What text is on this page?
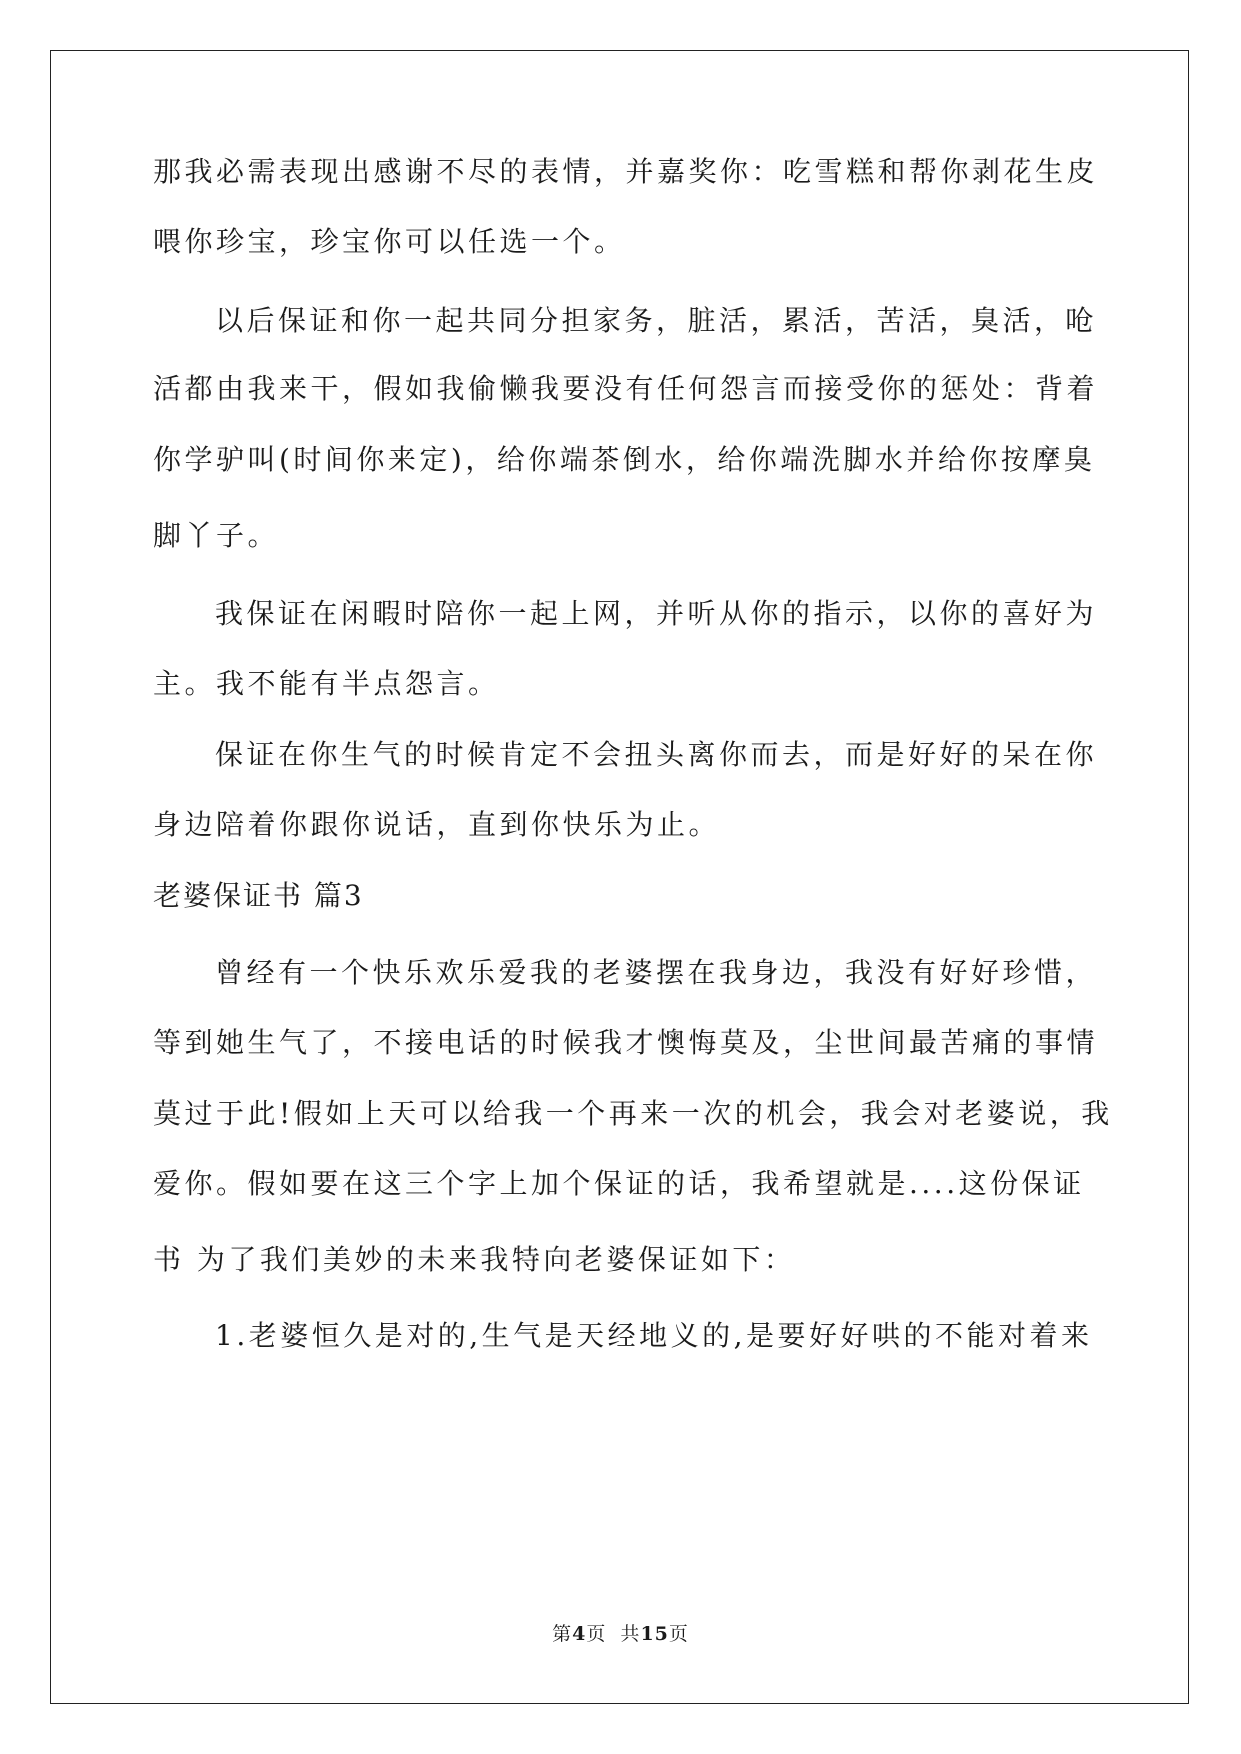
那我必需表现出感谢不尽的表情，并嘉奖你：吃雪糕和帮你剥花生皮
喂你珍宝，珍宝你可以任选一个。
以后保证和你一起共同分担家务，脏活，累活，苦活，臭活，呛
活都由我来干，假如我偷懒我要没有任何怨言而接受你的惩处：背着
你学驴叫(时间你来定)，给你端茶倒水，给你端洗脚水并给你按摩臭
脚丫子。
我保证在闲暇时陪你一起上网，并听从你的指示，以你的喜好为
主。我不能有半点怨言。
保证在你生气的时候肯定不会扭头离你而去，而是好好的呆在你
身边陪着你跟你说话，直到你快乐为止。
老婆保证书 篇3
曾经有一个快乐欢乐爱我的老婆摆在我身边，我没有好好珍惜，
等到她生气了，不接电话的时候我才懊悔莫及，尘世间最苦痛的事情
莫过于此!假如上天可以给我一个再来一次的机会，我会对老婆说，我
爱你。假如要在这三个字上加个保证的话，我希望就是....这份保证
书 为了我们美妙的未来我特向老婆保证如下：
1.老婆恒久是对的,生气是天经地义的,是要好好哄的不能对着来
第4页  共15页
